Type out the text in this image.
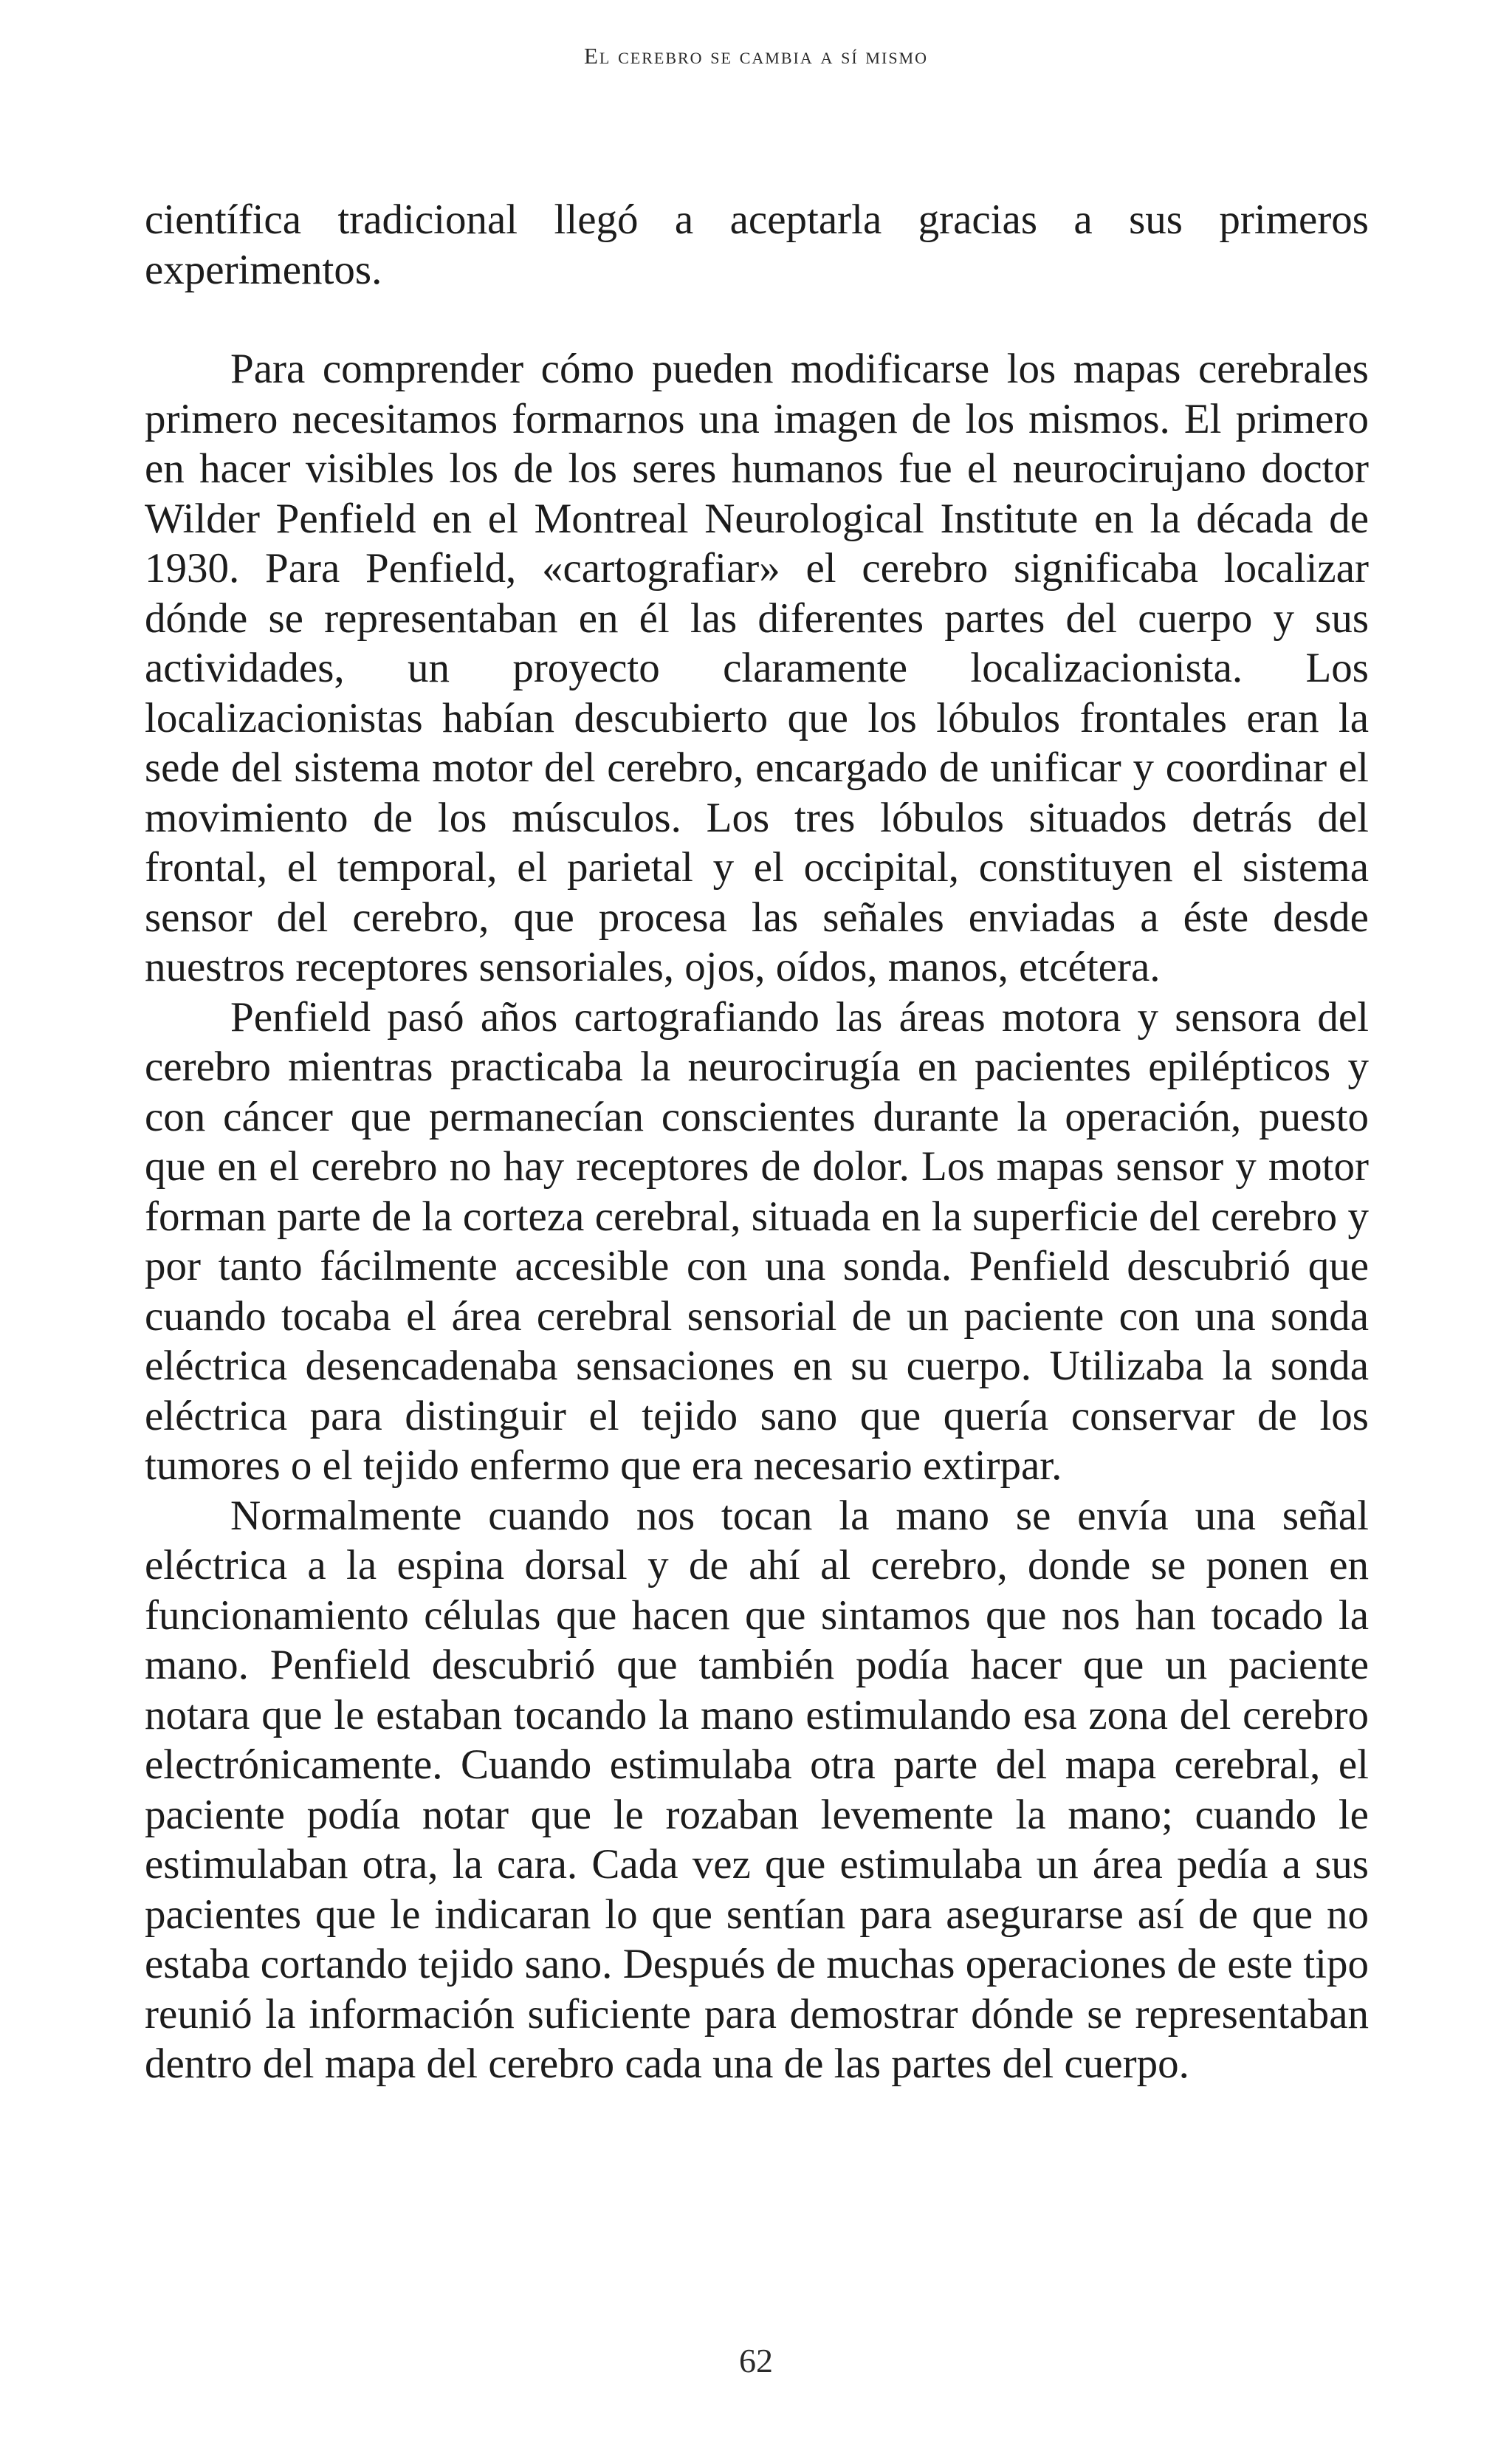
El cerebro se cambia a sí mismo

científica tradicional llegó a aceptarla gracias a sus primeros experimentos.

Para comprender cómo pueden modificarse los mapas cerebrales primero necesitamos formarnos una imagen de los mismos. El primero en hacer visibles los de los seres humanos fue el neurocirujano doctor Wilder Penfield en el Montreal Neurological Institute en la década de 1930. Para Penfield, «cartografiar» el cerebro significaba localizar dónde se representaban en él las diferentes partes del cuerpo y sus actividades, un proyecto claramente localizacionista. Los localizacionistas habían descubierto que los lóbulos frontales eran la sede del sistema motor del cerebro, encargado de unificar y coordinar el movimiento de los músculos. Los tres lóbulos situados detrás del frontal, el temporal, el parietal y el occipital, constituyen el sistema sensor del cerebro, que procesa las señales enviadas a éste desde nuestros receptores sensoriales, ojos, oídos, manos, etcétera.

Penfield pasó años cartografiando las áreas motora y sensora del cerebro mientras practicaba la neurocirugía en pacientes epilépticos y con cáncer que permanecían conscientes durante la operación, puesto que en el cerebro no hay receptores de dolor. Los mapas sensor y motor forman parte de la corteza cerebral, situada en la superficie del cerebro y por tanto fácilmente accesible con una sonda. Penfield descubrió que cuando tocaba el área cerebral sensorial de un paciente con una sonda eléctrica desencadenaba sensaciones en su cuerpo. Utilizaba la sonda eléctrica para distinguir el tejido sano que quería conservar de los tumores o el tejido enfermo que era necesario extirpar.

Normalmente cuando nos tocan la mano se envía una señal eléctrica a la espina dorsal y de ahí al cerebro, donde se ponen en funcionamiento células que hacen que sintamos que nos han tocado la mano. Penfield descubrió que también podía hacer que un paciente notara que le estaban tocando la mano estimulando esa zona del cerebro electrónicamente. Cuando estimulaba otra parte del mapa cerebral, el paciente podía notar que le rozaban levemente la mano; cuando le estimulaban otra, la cara. Cada vez que estimulaba un área pedía a sus pacientes que le indicaran lo que sentían para asegurarse así de que no estaba cortando tejido sano. Después de muchas operaciones de este tipo reunió la información suficiente para demostrar dónde se representaban dentro del mapa del cerebro cada una de las partes del cuerpo.

62
